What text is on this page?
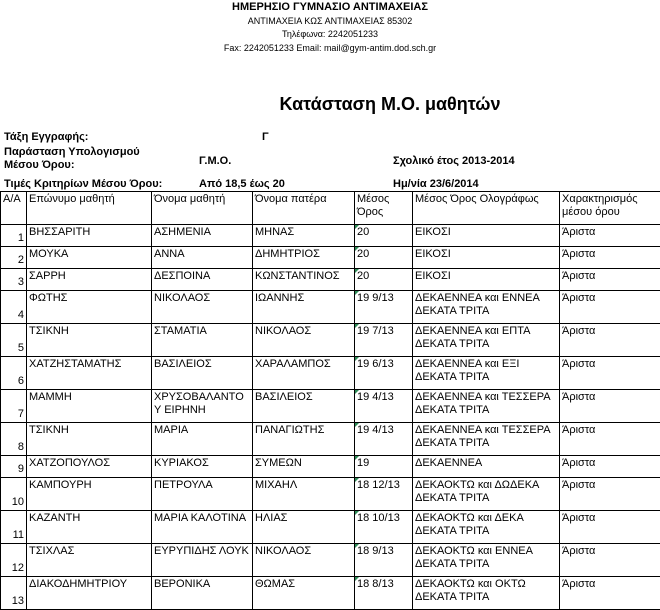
ΗΜΕΡΗΣΙΟ ΓΥΜΝΑΣΙΟ ΑΝΤΙΜΑΧΕΙΑΣ
ΑΝΤΙΜΑΧΕΙΑ ΚΩΣ ΑΝΤΙΜΑΧΕΙΑΣ 85302
Τηλέφωνα: 2242051233
Fax: 2242051233 Email: mail@gym-antim.dod.sch.gr
Κατάσταση Μ.Ο. μαθητών
Τάξη Εγγραφής:	Γ
Παράσταση Υπολογισμού Μέσου Όρου:	Γ.Μ.Ο.	Σχολικό έτος 2013-2014
Τιμές Κριτηρίων Μέσου Όρου:	Από 18,5 έως 20	Ημ/νία 23/6/2014
Α/Α	Επώνυμο μαθητή	Όνομα μαθητή	Όνομα πατέρα	Μέσος Όρος	Μέσος Όρος Ολογράφως	Χαρακτηρισμός μέσου όρου
1	ΒΗΣΣΑΡΙΤΗ	ΑΣΗΜΕΝΙΑ	ΜΗΝΑΣ	20	ΕΙΚΟΣΙ	Άριστα
2	ΜΟΥΚΑ	ΑΝΝΑ	ΔΗΜΗΤΡΙΟΣ	20	ΕΙΚΟΣΙ	Άριστα
3	ΣΑΡΡΗ	ΔΕΣΠΟΙΝΑ	ΚΩΝΣΤΑΝΤΙΝΟΣ	20	ΕΙΚΟΣΙ	Άριστα
4	ΦΩΤΗΣ	ΝΙΚΟΛΑΟΣ	ΙΩΑΝΝΗΣ	19 9/13	ΔΕΚΑΕΝΝΕΑ και ΕΝΝΕΑ ΔΕΚΑΤΑ ΤΡΙΤΑ	Άριστα
5	ΤΣΙΚΝΗ	ΣΤΑΜΑΤΙΑ	ΝΙΚΟΛΑΟΣ	19 7/13	ΔΕΚΑΕΝΝΕΑ και ΕΠΤΑ ΔΕΚΑΤΑ ΤΡΙΤΑ	Άριστα
6	ΧΑΤΖΗΣΤΑΜΑΤΗΣ	ΒΑΣΙΛΕΙΟΣ	ΧΑΡΑΛΑΜΠΟΣ	19 6/13	ΔΕΚΑΕΝΝΕΑ και ΕΞΙ ΔΕΚΑΤΑ ΤΡΙΤΑ	Άριστα
7	ΜΑΜΜΗ	ΧΡΥΣΟΒΑΛΑΝΤΟ Υ ΕΙΡΗΝΗ	ΒΑΣΙΛΕΙΟΣ	19 4/13	ΔΕΚΑΕΝΝΕΑ και ΤΕΣΣΕΡΑ ΔΕΚΑΤΑ ΤΡΙΤΑ	Άριστα
8	ΤΣΙΚΝΗ	ΜΑΡΙΑ	ΠΑΝΑΓΙΩΤΗΣ	19 4/13	ΔΕΚΑΕΝΝΕΑ και ΤΕΣΣΕΡΑ ΔΕΚΑΤΑ ΤΡΙΤΑ	Άριστα
9	ΧΑΤΖΟΠΟΥΛΟΣ	ΚΥΡΙΑΚΟΣ	ΣΥΜΕΩΝ	19	ΔΕΚΑΕΝΝΕΑ	Άριστα
10	ΚΑΜΠΟΥΡΗ	ΠΕΤΡΟΥΛΑ	ΜΙΧΑΗΛ	18 12/13	ΔΕΚΑΟΚΤΩ και ΔΩΔΕΚΑ ΔΕΚΑΤΑ ΤΡΙΤΑ	Άριστα
11	ΚΑΖΑΝΤΗ	ΜΑΡΙΑ ΚΑΛΟΤΙΝΑ	ΗΛΙΑΣ	18 10/13	ΔΕΚΑΟΚΤΩ και ΔΕΚΑ ΔΕΚΑΤΑ ΤΡΙΤΑ	Άριστα
12	ΤΣΙΧΛΑΣ	ΕΥΡΥΠΙΔΗΣ ΛΟΥΚ	ΝΙΚΟΛΑΟΣ	18 9/13	ΔΕΚΑΟΚΤΩ και ΕΝΝΕΑ ΔΕΚΑΤΑ ΤΡΙΤΑ	Άριστα
13	ΔΙΑΚΟΔΗΜΗΤΡΙΟΥ	ΒΕΡΟΝΙΚΑ	ΘΩΜΑΣ	18 8/13	ΔΕΚΑΟΚΤΩ και ΟΚΤΩ ΔΕΚΑΤΑ ΤΡΙΤΑ	Άριστα
